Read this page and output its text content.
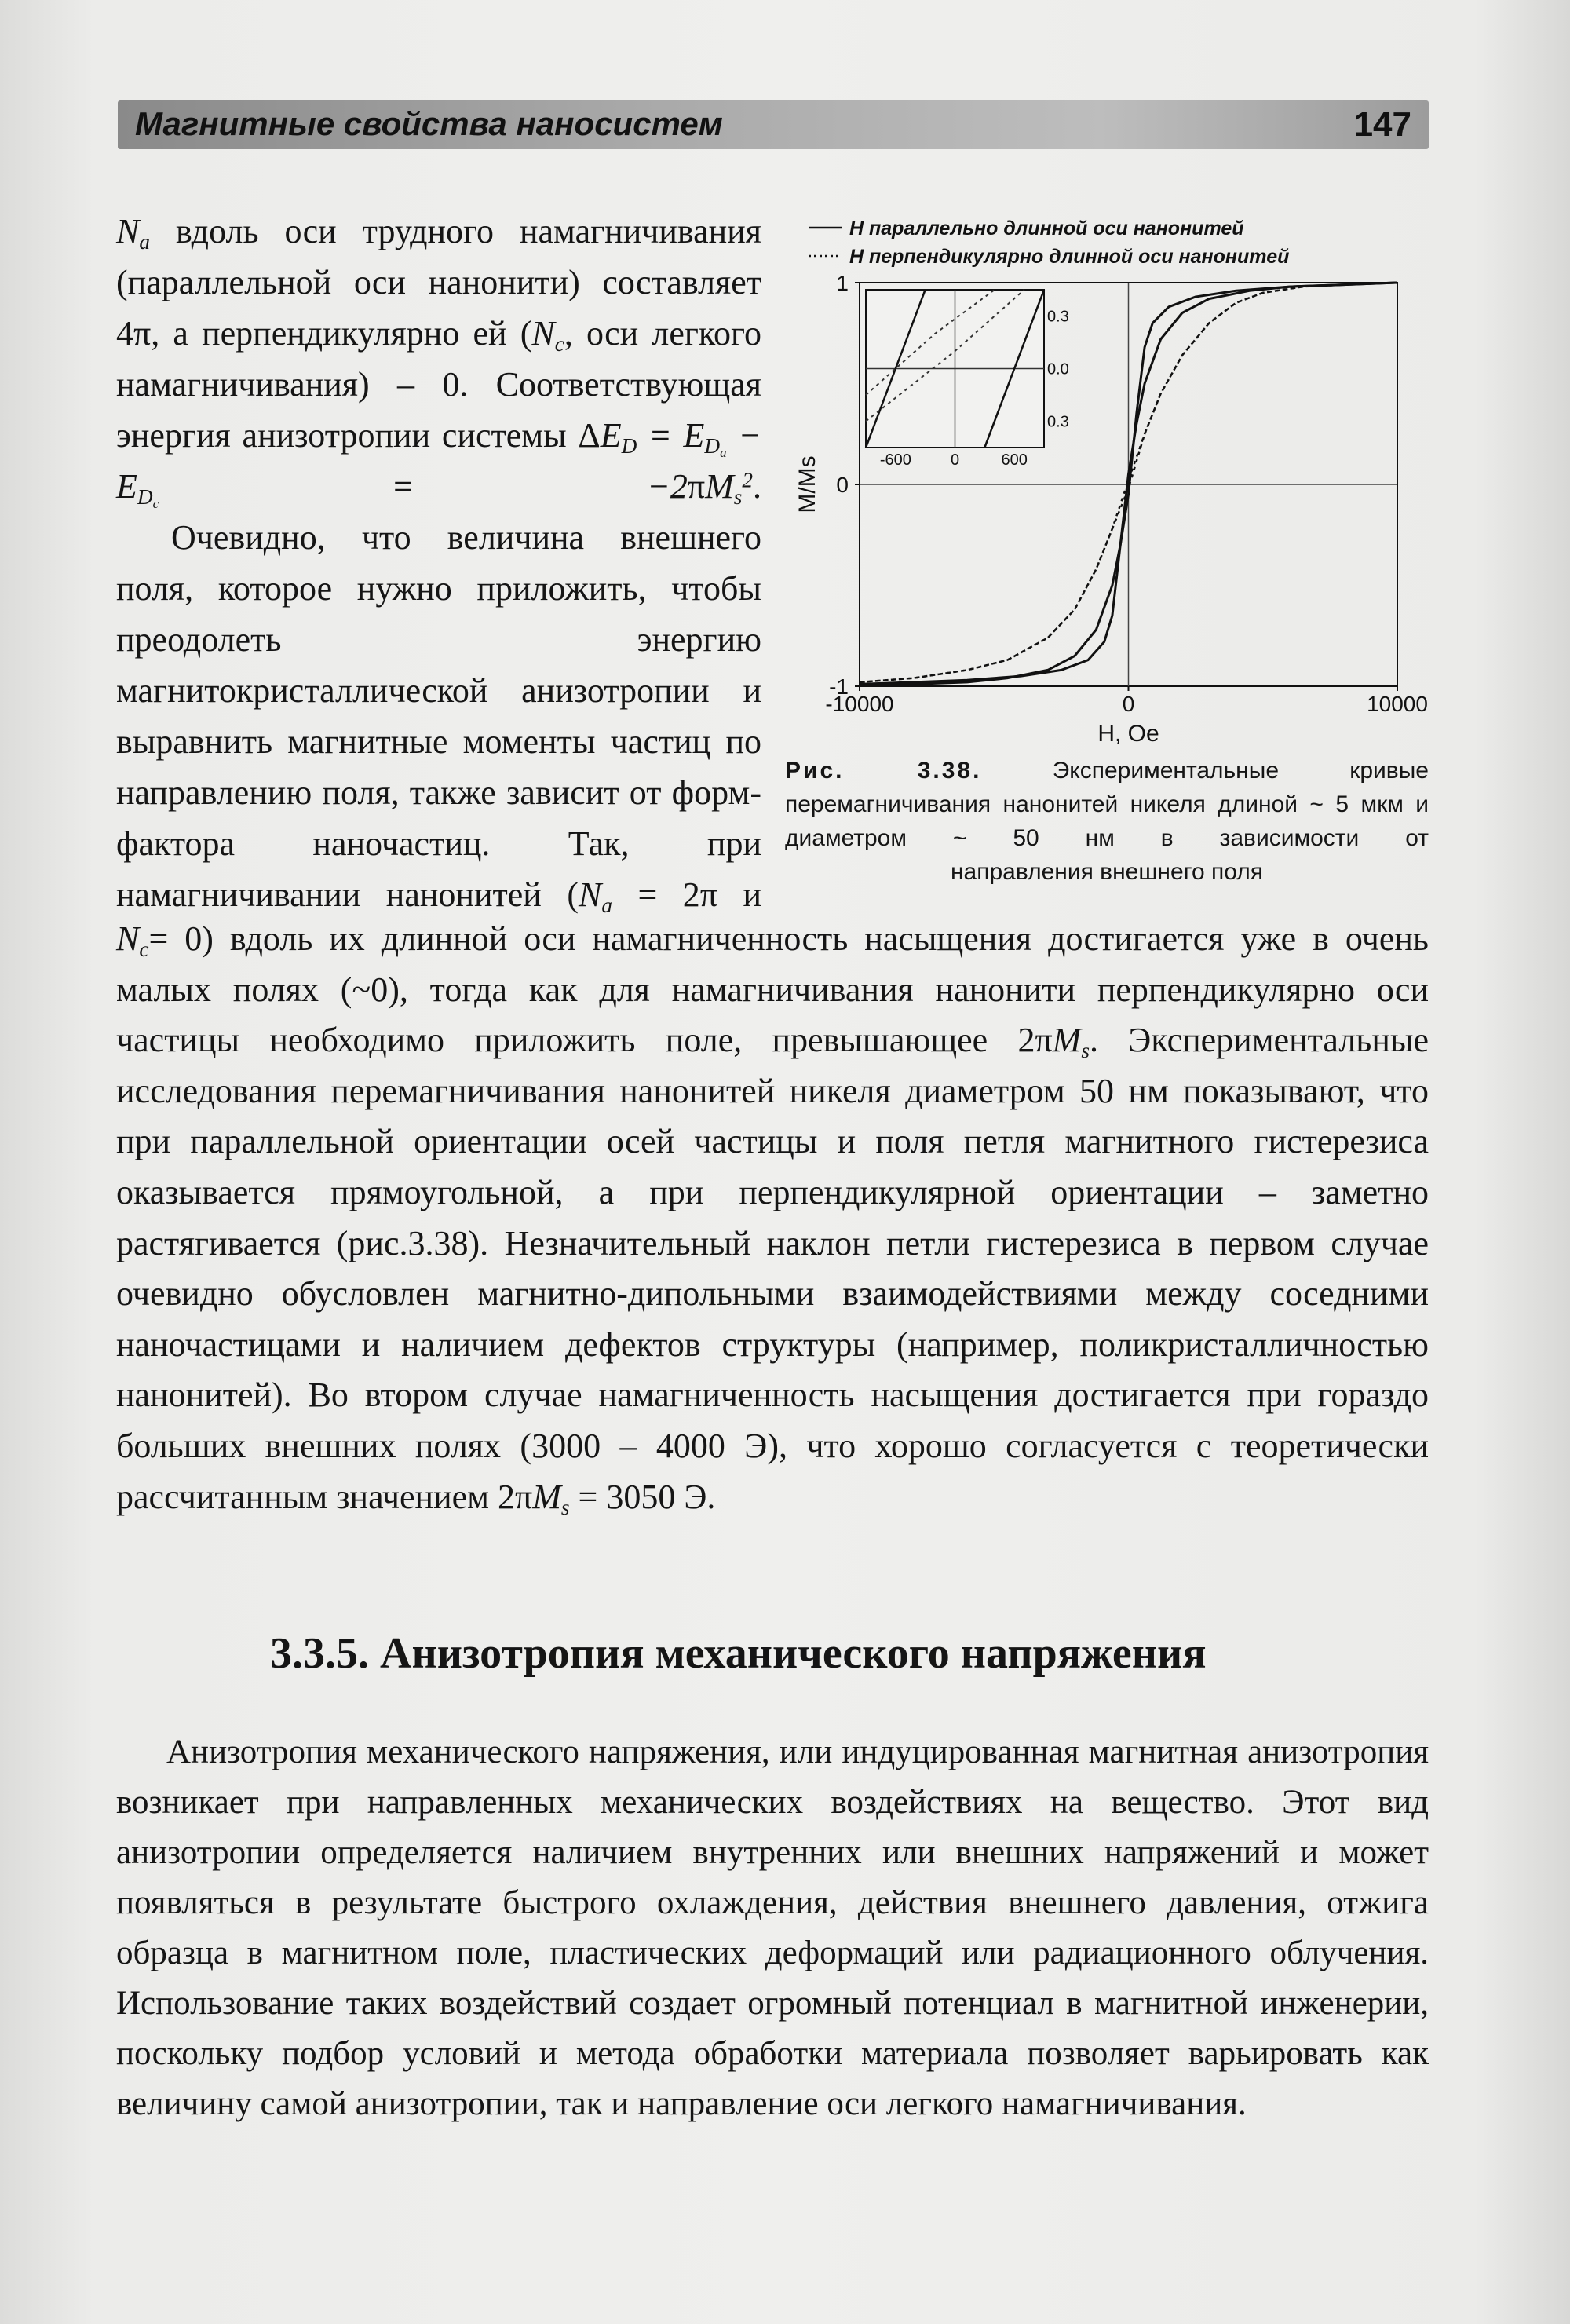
Магнитные свойства наносистем	147

$N_a$ вдоль оси трудного намагничивания (параллельной оси нанонити) составляет 4π, а перпендикулярно ей ($N_c$, оси легкого намагничивания) – 0. Соответствующая энергия анизотропии системы $\Delta E_D = E_{D_a} - E_{D_c} = -2\pi M_s^2$.

Очевидно, что величина внешнего поля, которое нужно приложить, чтобы преодолеть энергию магнитокристаллической анизотропии и выравнить магнитные моменты частиц по направлению поля, также зависит от форм-фактора наночастиц. Так, при намагничивании нанонитей ($N_a = 2\pi$ и

H параллельно длинной оси нанонитей
H перпендикулярно длинной оси нанонитей
1
0
-1
-10000	0	10000
H, Oe
M/Ms	-600	0	600
0.3
0.0
0.3
Рис. 3.38.	Экспериментальные кривые перемагничивания нанонитей никеля длиной ~ 5 мкм и диаметром ~ 50 нм в зависимости от
направления внешнего поля

$N_c= 0$) вдоль их длинной оси намагниченность насыщения достигается уже в очень малых полях (~0), тогда как для намагничивания нанонити перпендикулярно оси частицы необходимо приложить поле, превышающее $2\pi M_s$. Экспериментальные исследования перемагничивания нанонитей никеля диаметром 50 нм показывают, что при параллельной ориентации осей частицы и поля петля магнитного гистерезиса оказывается прямоугольной, а при перпендикулярной ориентации – заметно растягивается (рис.3.38). Незначительный наклон петли гистерезиса в первом случае очевидно обусловлен магнитно-дипольными взаимодействиями между соседними наночастицами и наличием дефектов структуры (например, поликристалличностью нанонитей). Во втором случае намагниченность насыщения достигается при гораздо больших внешних полях (3000 – 4000 Э), что хорошо согласуется с теоретически рассчитанным значением $2\pi M_s = 3050$ Э.

3.3.5. Анизотропия механического напряжения

Анизотропия механического напряжения, или индуцированная магнитная анизотропия возникает при направленных механических воздействиях на вещество. Этот вид анизотропии определяется наличием внутренних или внешних напряжений и может появляться в результате быстрого охлаждения, действия внешнего давления, отжига образца в магнитном поле, пластических деформаций или радиационного облучения. Использование таких воздействий создает огромный потенциал в магнитной инженерии, поскольку подбор условий и метода обработки материала позволяет варьировать как величину самой анизотропии, так и направление оси легкого намагничивания.
